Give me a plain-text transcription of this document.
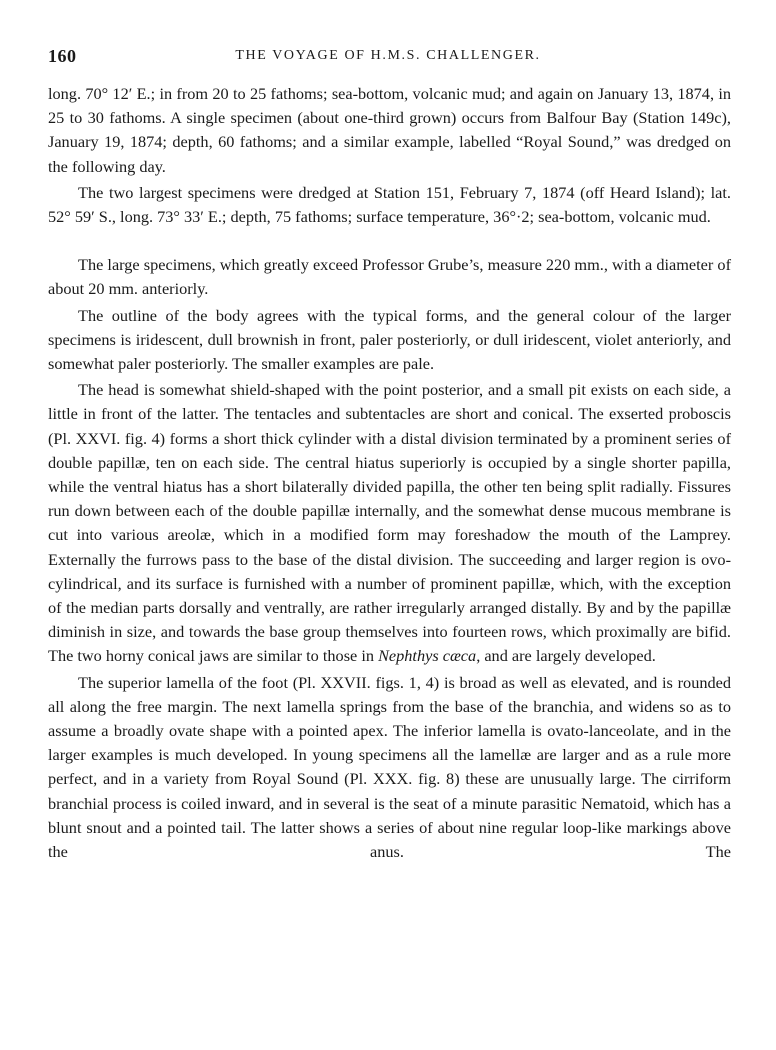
160	THE VOYAGE OF H.M.S. CHALLENGER.

long. 70° 12′ E.; in from 20 to 25 fathoms; sea-bottom, volcanic mud; and again on January 13, 1874, in 25 to 30 fathoms. A single specimen (about one-third grown) occurs from Balfour Bay (Station 149c), January 19, 1874; depth, 60 fathoms; and a similar example, labelled “Royal Sound,” was dredged on the following day.

The two largest specimens were dredged at Station 151, February 7, 1874 (off Heard Island); lat. 52° 59′ S., long. 73° 33′ E.; depth, 75 fathoms; surface temperature, 36°·2; sea-bottom, volcanic mud.

The large specimens, which greatly exceed Professor Grube’s, measure 220 mm., with a diameter of about 20 mm. anteriorly.

The outline of the body agrees with the typical forms, and the general colour of the larger specimens is iridescent, dull brownish in front, paler posteriorly, or dull iridescent, violet anteriorly, and somewhat paler posteriorly. The smaller examples are pale.

The head is somewhat shield-shaped with the point posterior, and a small pit exists on each side, a little in front of the latter. The tentacles and subtentacles are short and conical. The exserted proboscis (Pl. XXVI. fig. 4) forms a short thick cylinder with a distal division terminated by a prominent series of double papillæ, ten on each side. The central hiatus superiorly is occupied by a single shorter papilla, while the ventral hiatus has a short bilaterally divided papilla, the other ten being split radially. Fissures run down between each of the double papillæ internally, and the somewhat dense mucous membrane is cut into various areolæ, which in a modified form may foreshadow the mouth of the Lamprey. Externally the furrows pass to the base of the distal division. The succeeding and larger region is ovo-cylindrical, and its surface is furnished with a number of prominent papillæ, which, with the exception of the median parts dorsally and ventrally, are rather irregularly arranged distally. By and by the papillæ diminish in size, and towards the base group themselves into fourteen rows, which proximally are bifid. The two horny conical jaws are similar to those in Nephthys cæca, and are largely developed.

The superior lamella of the foot (Pl. XXVII. figs. 1, 4) is broad as well as elevated, and is rounded all along the free margin. The next lamella springs from the base of the branchia, and widens so as to assume a broadly ovate shape with a pointed apex. The inferior lamella is ovato-lanceolate, and in the larger examples is much developed. In young specimens all the lamellæ are larger and as a rule more perfect, and in a variety from Royal Sound (Pl. XXX. fig. 8) these are unusually large. The cirriform branchial process is coiled inward, and in several is the seat of a minute parasitic Nematoid, which has a blunt snout and a pointed tail. The latter shows a series of about nine regular loop-like markings above the anus. The
